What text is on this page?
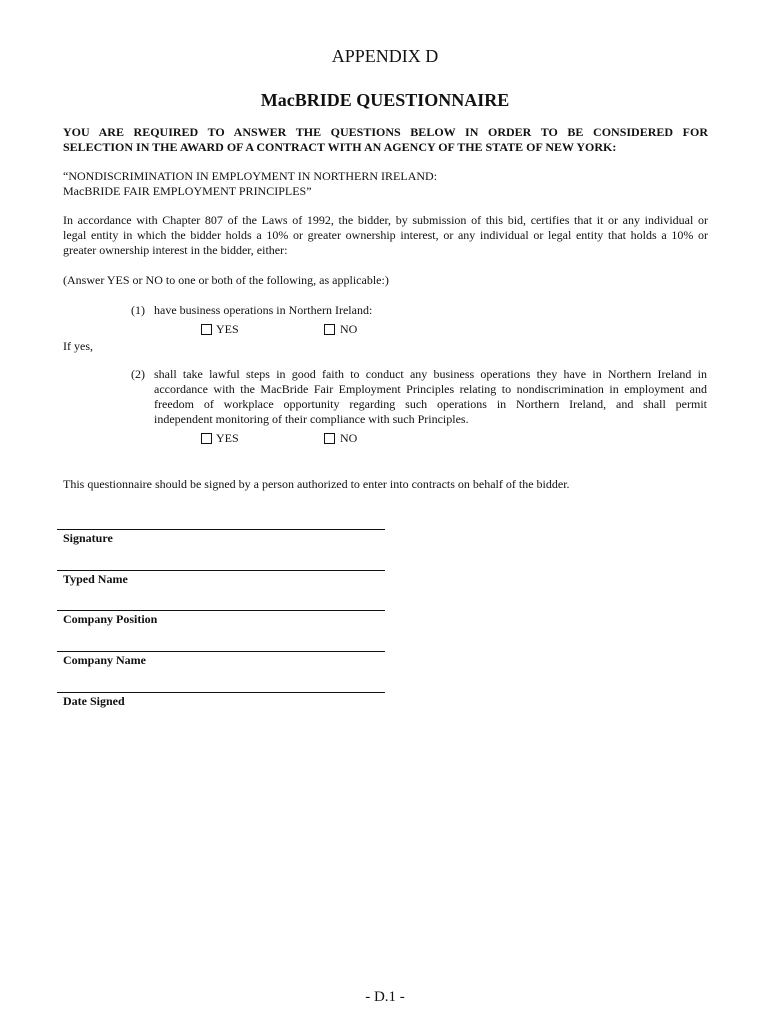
APPENDIX D
MacBRIDE QUESTIONNAIRE
YOU ARE REQUIRED TO ANSWER THE QUESTIONS BELOW IN ORDER TO BE CONSIDERED FOR
SELECTION IN THE AWARD OF A CONTRACT WITH AN AGENCY OF THE STATE OF NEW YORK:
“NONDISCRIMINATION IN EMPLOYMENT IN NORTHERN IRELAND:
MacBRIDE FAIR EMPLOYMENT PRINCIPLES”
In accordance with Chapter 807 of the Laws of 1992, the bidder, by submission of this bid, certifies that it or any individual or
legal entity in which the bidder holds a 10% or greater ownership interest, or any individual or legal entity that holds a 10% or
greater ownership interest in the bidder, either:
(Answer YES or NO to one or both of the following, as applicable:)
(1) have business operations in Northern Ireland:
YES	NO
If yes,
(2) shall take lawful steps in good faith to conduct any business operations they have in Northern Ireland in
accordance with the MacBride Fair Employment Principles relating to nondiscrimination in employment and
freedom of workplace opportunity regarding such operations in Northern Ireland, and shall permit
independent monitoring of their compliance with such Principles.
YES	NO
This questionnaire should be signed by a person authorized to enter into contracts on behalf of the bidder.
Signature
Typed Name
Company Position
Company Name
Date Signed
- D.1 -
